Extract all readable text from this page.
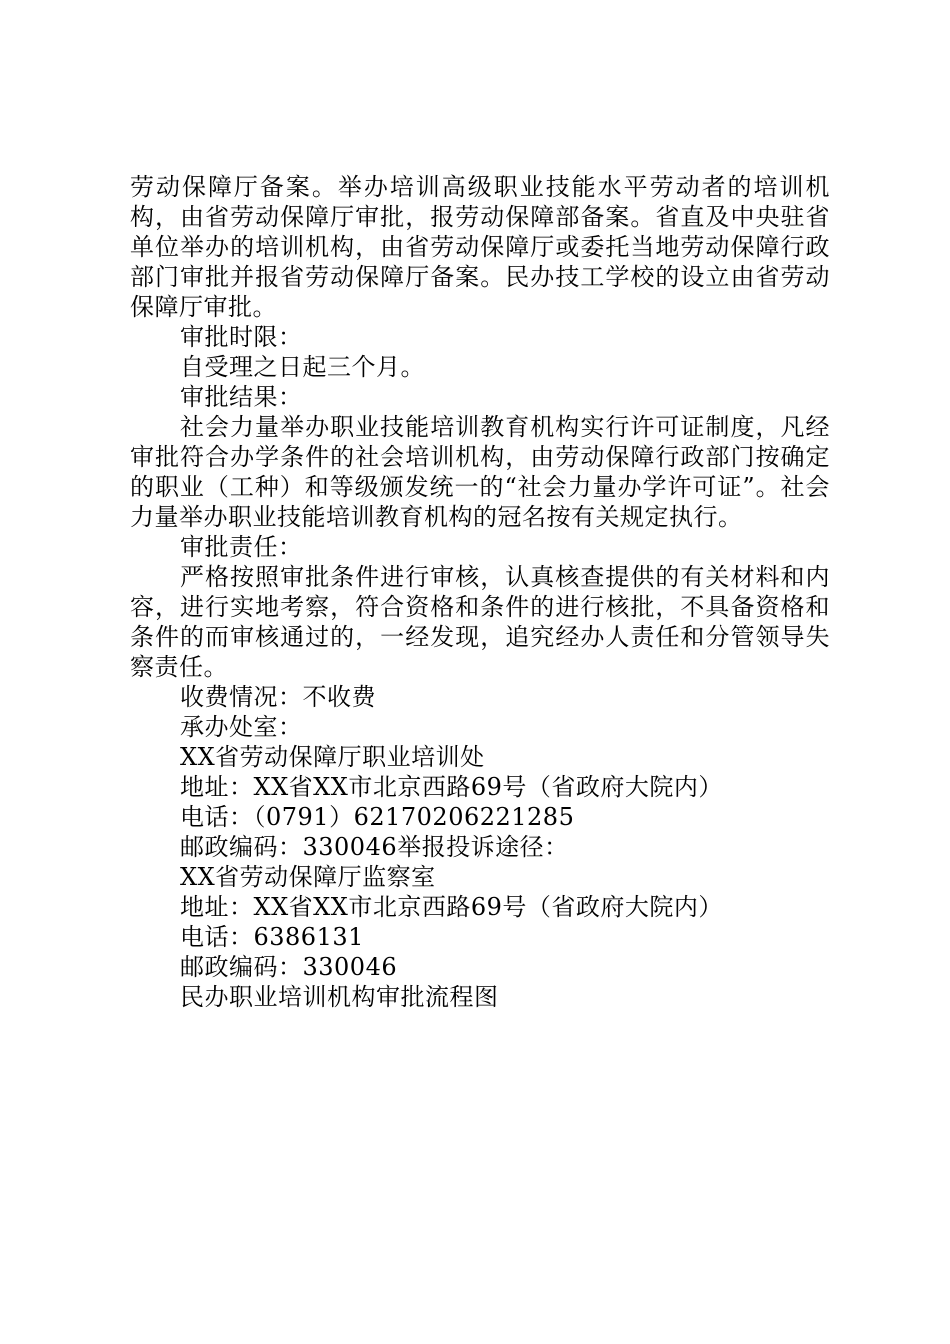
劳动保障厅备案。举办培训高级职业技能水平劳动者的培训机构，由省劳动保障厅审批，报劳动保障部备案。省直及中央驻省单位举办的培训机构，由省劳动保障厅或委托当地劳动保障行政部门审批并报省劳动保障厅备案。民办技工学校的设立由省劳动保障厅审批。

审批时限：

自受理之日起三个月。

审批结果：

社会力量举办职业技能培训教育机构实行许可证制度，凡经审批符合办学条件的社会培训机构，由劳动保障行政部门按确定的职业（工种）和等级颁发统一的“社会力量办学许可证”。社会力量举办职业技能培训教育机构的冠名按有关规定执行。

审批责任：

严格按照审批条件进行审核，认真核查提供的有关材料和内容，进行实地考察，符合资格和条件的进行核批，不具备资格和条件的而审核通过的，一经发现，追究经办人责任和分管领导失察责任。

收费情况：不收费

承办处室：

XX省劳动保障厅职业培训处

地址：XX省XX市北京西路69号（省政府大院内）

电话：（0791）62170206221285

邮政编码：330046举报投诉途径：

XX省劳动保障厅监察室

地址：XX省XX市北京西路69号（省政府大院内）

电话：6386131

邮政编码：330046

民办职业培训机构审批流程图
